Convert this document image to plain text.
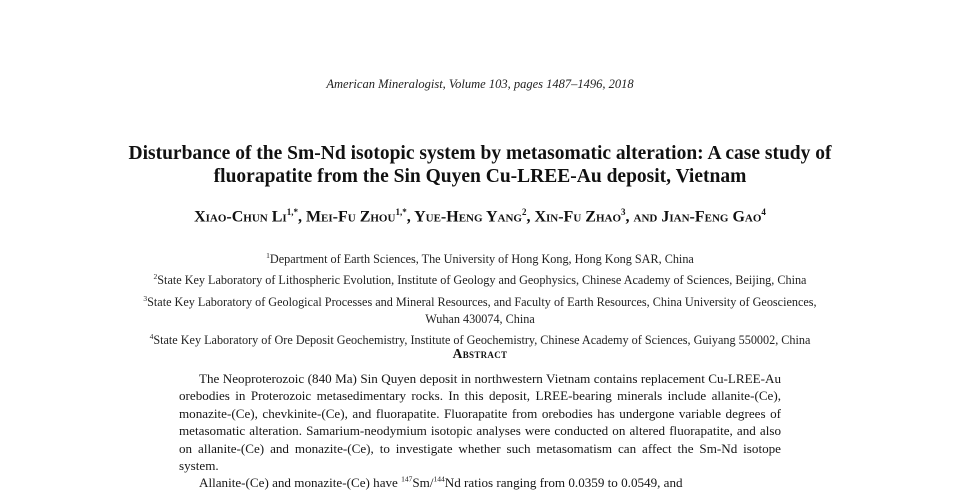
American Mineralogist, Volume 103, pages 1487–1496, 2018
Disturbance of the Sm-Nd isotopic system by metasomatic alteration: A case study of
fluorapatite from the Sin Quyen Cu-LREE-Au deposit, Vietnam
Xiao-Chun $Li^{1,*}$, Mei-Fu Zhou$^{1,*}$, Yue-Heng Yang$^2$, Xin-Fu Zhao$^3$, and Jian-Feng Gao$^4$
$^1$Department of Earth Sciences, The University of Hong Kong, Hong Kong SAR, China
$^2$State Key Laboratory of Lithospheric Evolution, Institute of Geology and Geophysics, Chinese Academy of Sciences, Beijing, China
$^3$State Key Laboratory of Geological Processes and Mineral Resources, and Faculty of Earth Resources, China University of Geosciences,
Wuhan 430074, China
$^4$State Key Laboratory of Ore Deposit Geochemistry, Institute of Geochemistry, Chinese Academy of Sciences, Guiyang 550002, China
Abstract

The Neoproterozoic (840 Ma) Sin Quyen deposit in northwestern Vietnam contains replacement Cu-LREE-Au orebodies in Proterozoic metasedimentary rocks. In this deposit, LREE-bearing minerals include allanite-(Ce), monazite-(Ce), chevkinite-(Ce), and fluorapatite. Fluorapatite from orebodies has undergone variable degrees of metasomatic alteration. Samarium-neodymium isotopic analyses were conducted on altered fluorapatite, and also on allanite-(Ce) and monazite-(Ce), to investigate whether such metasomatism can affect the Sm-Nd isotope system.

Allanite-(Ce) and monazite-(Ce) have $^{147}$Sm/$^{144}$Nd ratios ranging from 0.0359 to 0.0549, and
